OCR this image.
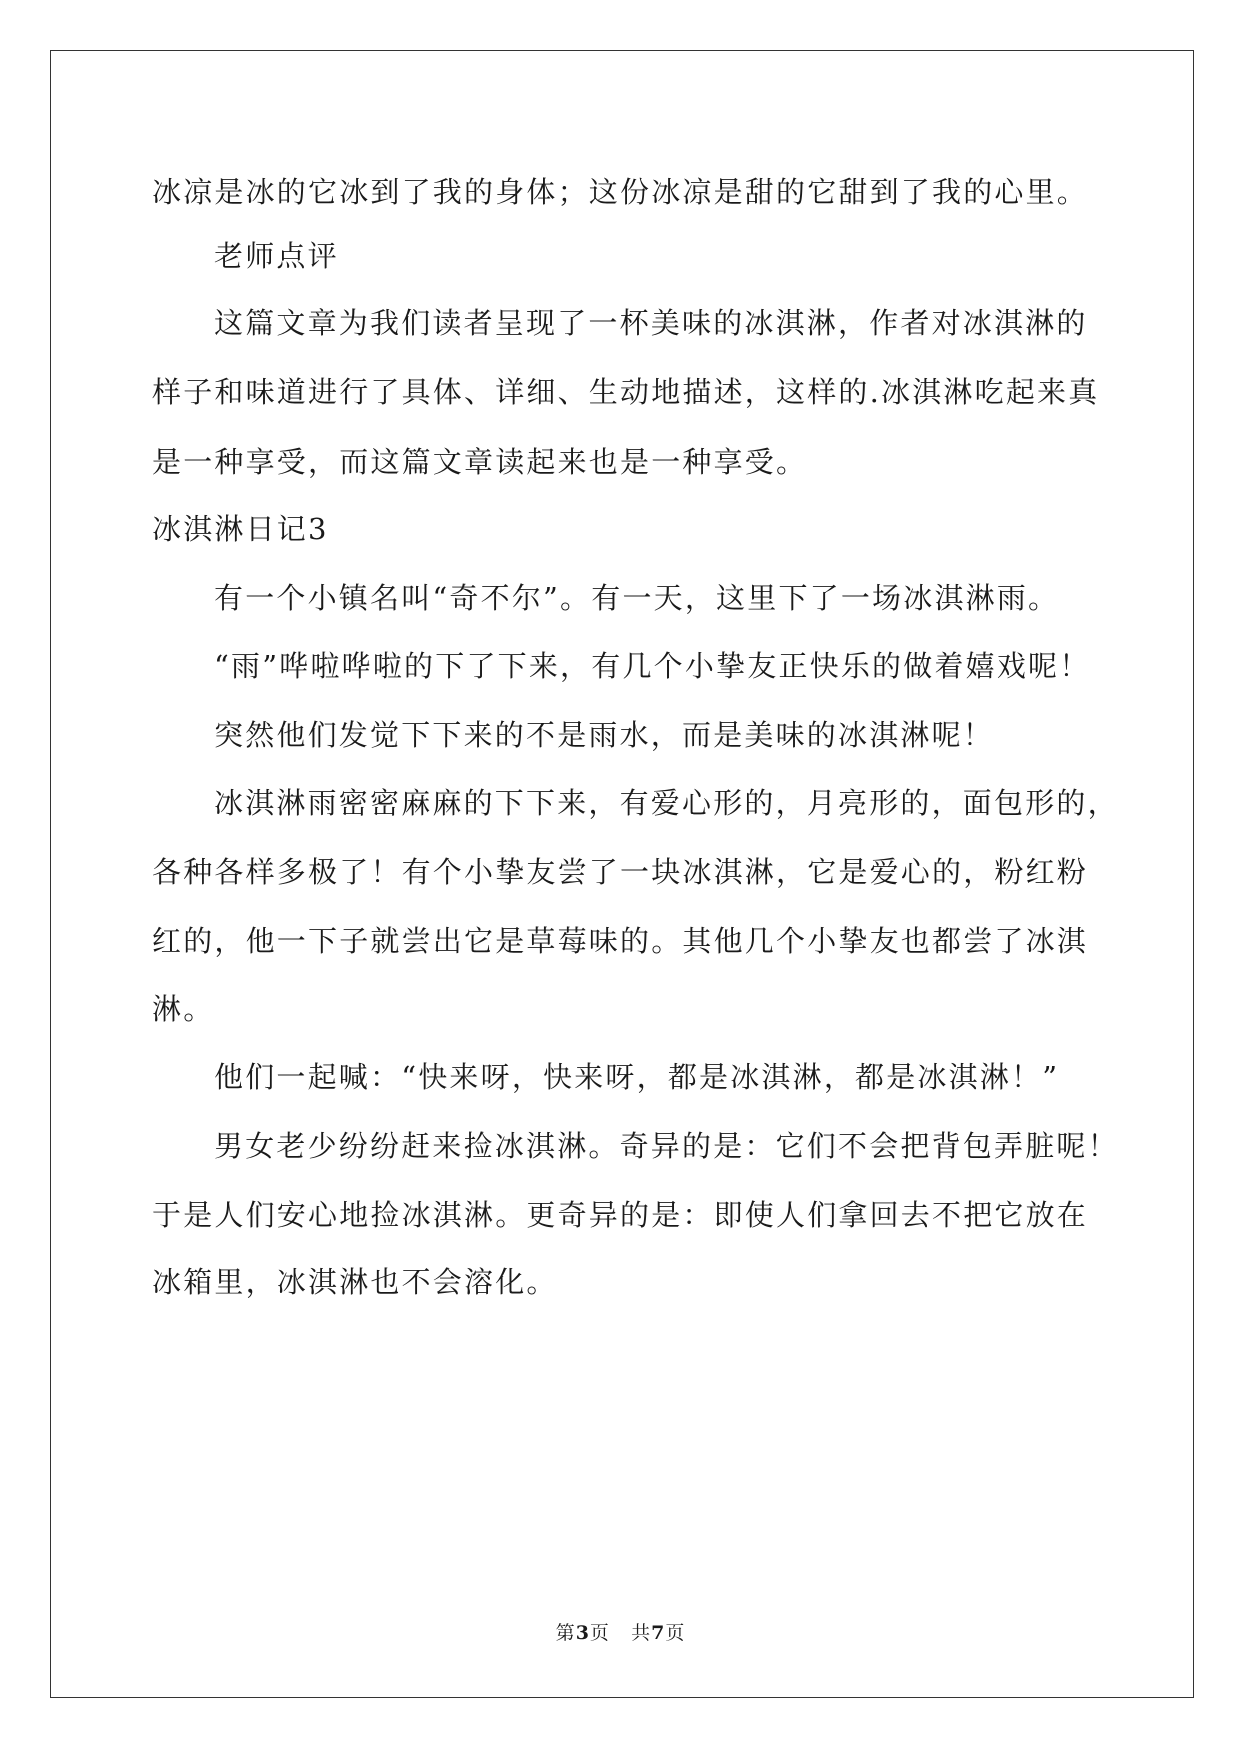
冰凉是冰的它冰到了我的身体；这份冰凉是甜的它甜到了我的心里。
老师点评
这篇文章为我们读者呈现了一杯美味的冰淇淋，作者对冰淇淋的
样子和味道进行了具体、详细、生动地描述，这样的.冰淇淋吃起来真
是一种享受，而这篇文章读起来也是一种享受。
冰淇淋日记3
有一个小镇名叫“奇不尔”。有一天，这里下了一场冰淇淋雨。
“雨”哗啦哗啦的下了下来，有几个小挚友正快乐的做着嬉戏呢！
突然他们发觉下下来的不是雨水，而是美味的冰淇淋呢！
冰淇淋雨密密麻麻的下下来，有爱心形的，月亮形的，面包形的，
各种各样多极了！有个小挚友尝了一块冰淇淋，它是爱心的，粉红粉
红的，他一下子就尝出它是草莓味的。其他几个小挚友也都尝了冰淇
淋。
他们一起喊：“快来呀，快来呀，都是冰淇淋，都是冰淇淋！”
男女老少纷纷赶来捡冰淇淋。奇异的是：它们不会把背包弄脏呢！
于是人们安心地捡冰淇淋。更奇异的是：即使人们拿回去不把它放在
冰箱里，冰淇淋也不会溶化。
第3页 共7页
